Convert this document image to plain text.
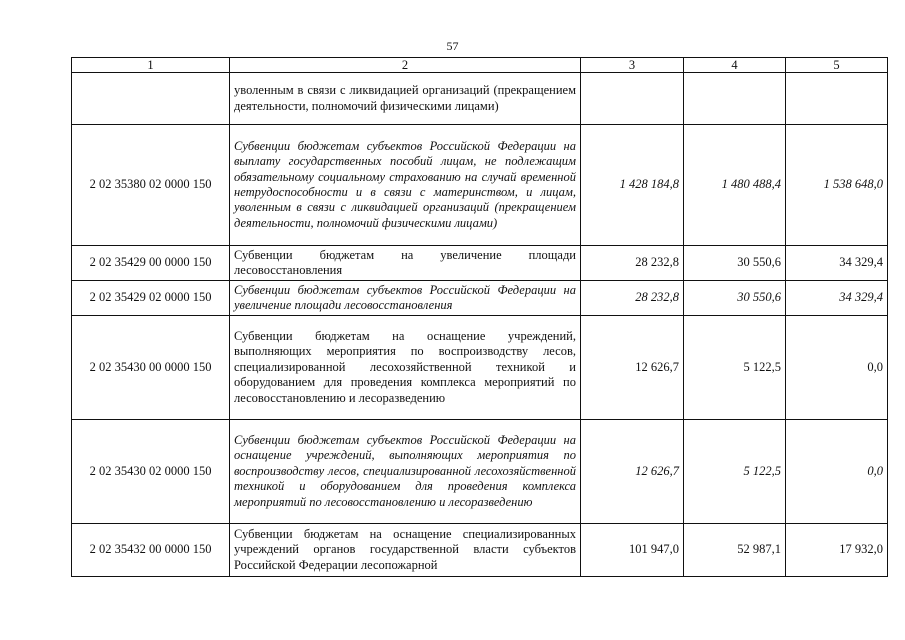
57
1	2	3	4	5
	уволенным в связи с ликвидацией организаций (прекращением деятельности, полномочий физическими лицами)			
2 02 35380 02 0000 150	Субвенции бюджетам субъектов Российской Федерации на выплату государственных пособий лицам, не подлежащим обязательному социальному страхованию на случай временной нетрудоспособности и в связи с материнством, и лицам, уволенным в связи с ликвидацией организаций (прекращением деятельности, полномочий физическими лицами)	1 428 184,8	1 480 488,4	1 538 648,0
2 02 35429 00 0000 150	Субвенции бюджетам на увеличение площади лесовосстановления	28 232,8	30 550,6	34 329,4
2 02 35429 02 0000 150	Субвенции бюджетам субъектов Российской Федерации на увеличение площади лесовосстановления	28 232,8	30 550,6	34 329,4
2 02 35430 00 0000 150	Субвенции бюджетам на оснащение учреждений, выполняющих мероприятия по воспроизводству лесов, специализированной лесохозяйственной техникой и оборудованием для проведения комплекса мероприятий по лесовосстановлению и лесоразведению	12 626,7	5 122,5	0,0
2 02 35430 02 0000 150	Субвенции бюджетам субъектов Российской Федерации на оснащение учреждений, выполняющих мероприятия по воспроизводству лесов, специализированной лесохозяйственной техникой и оборудованием для проведения комплекса мероприятий по лесовосстановлению и лесоразведению	12 626,7	5 122,5	0,0
2 02 35432 00 0000 150	Субвенции бюджетам на оснащение специализированных учреждений органов государственной власти субъектов Российской Федерации лесопожарной	101 947,0	52 987,1	17 932,0
